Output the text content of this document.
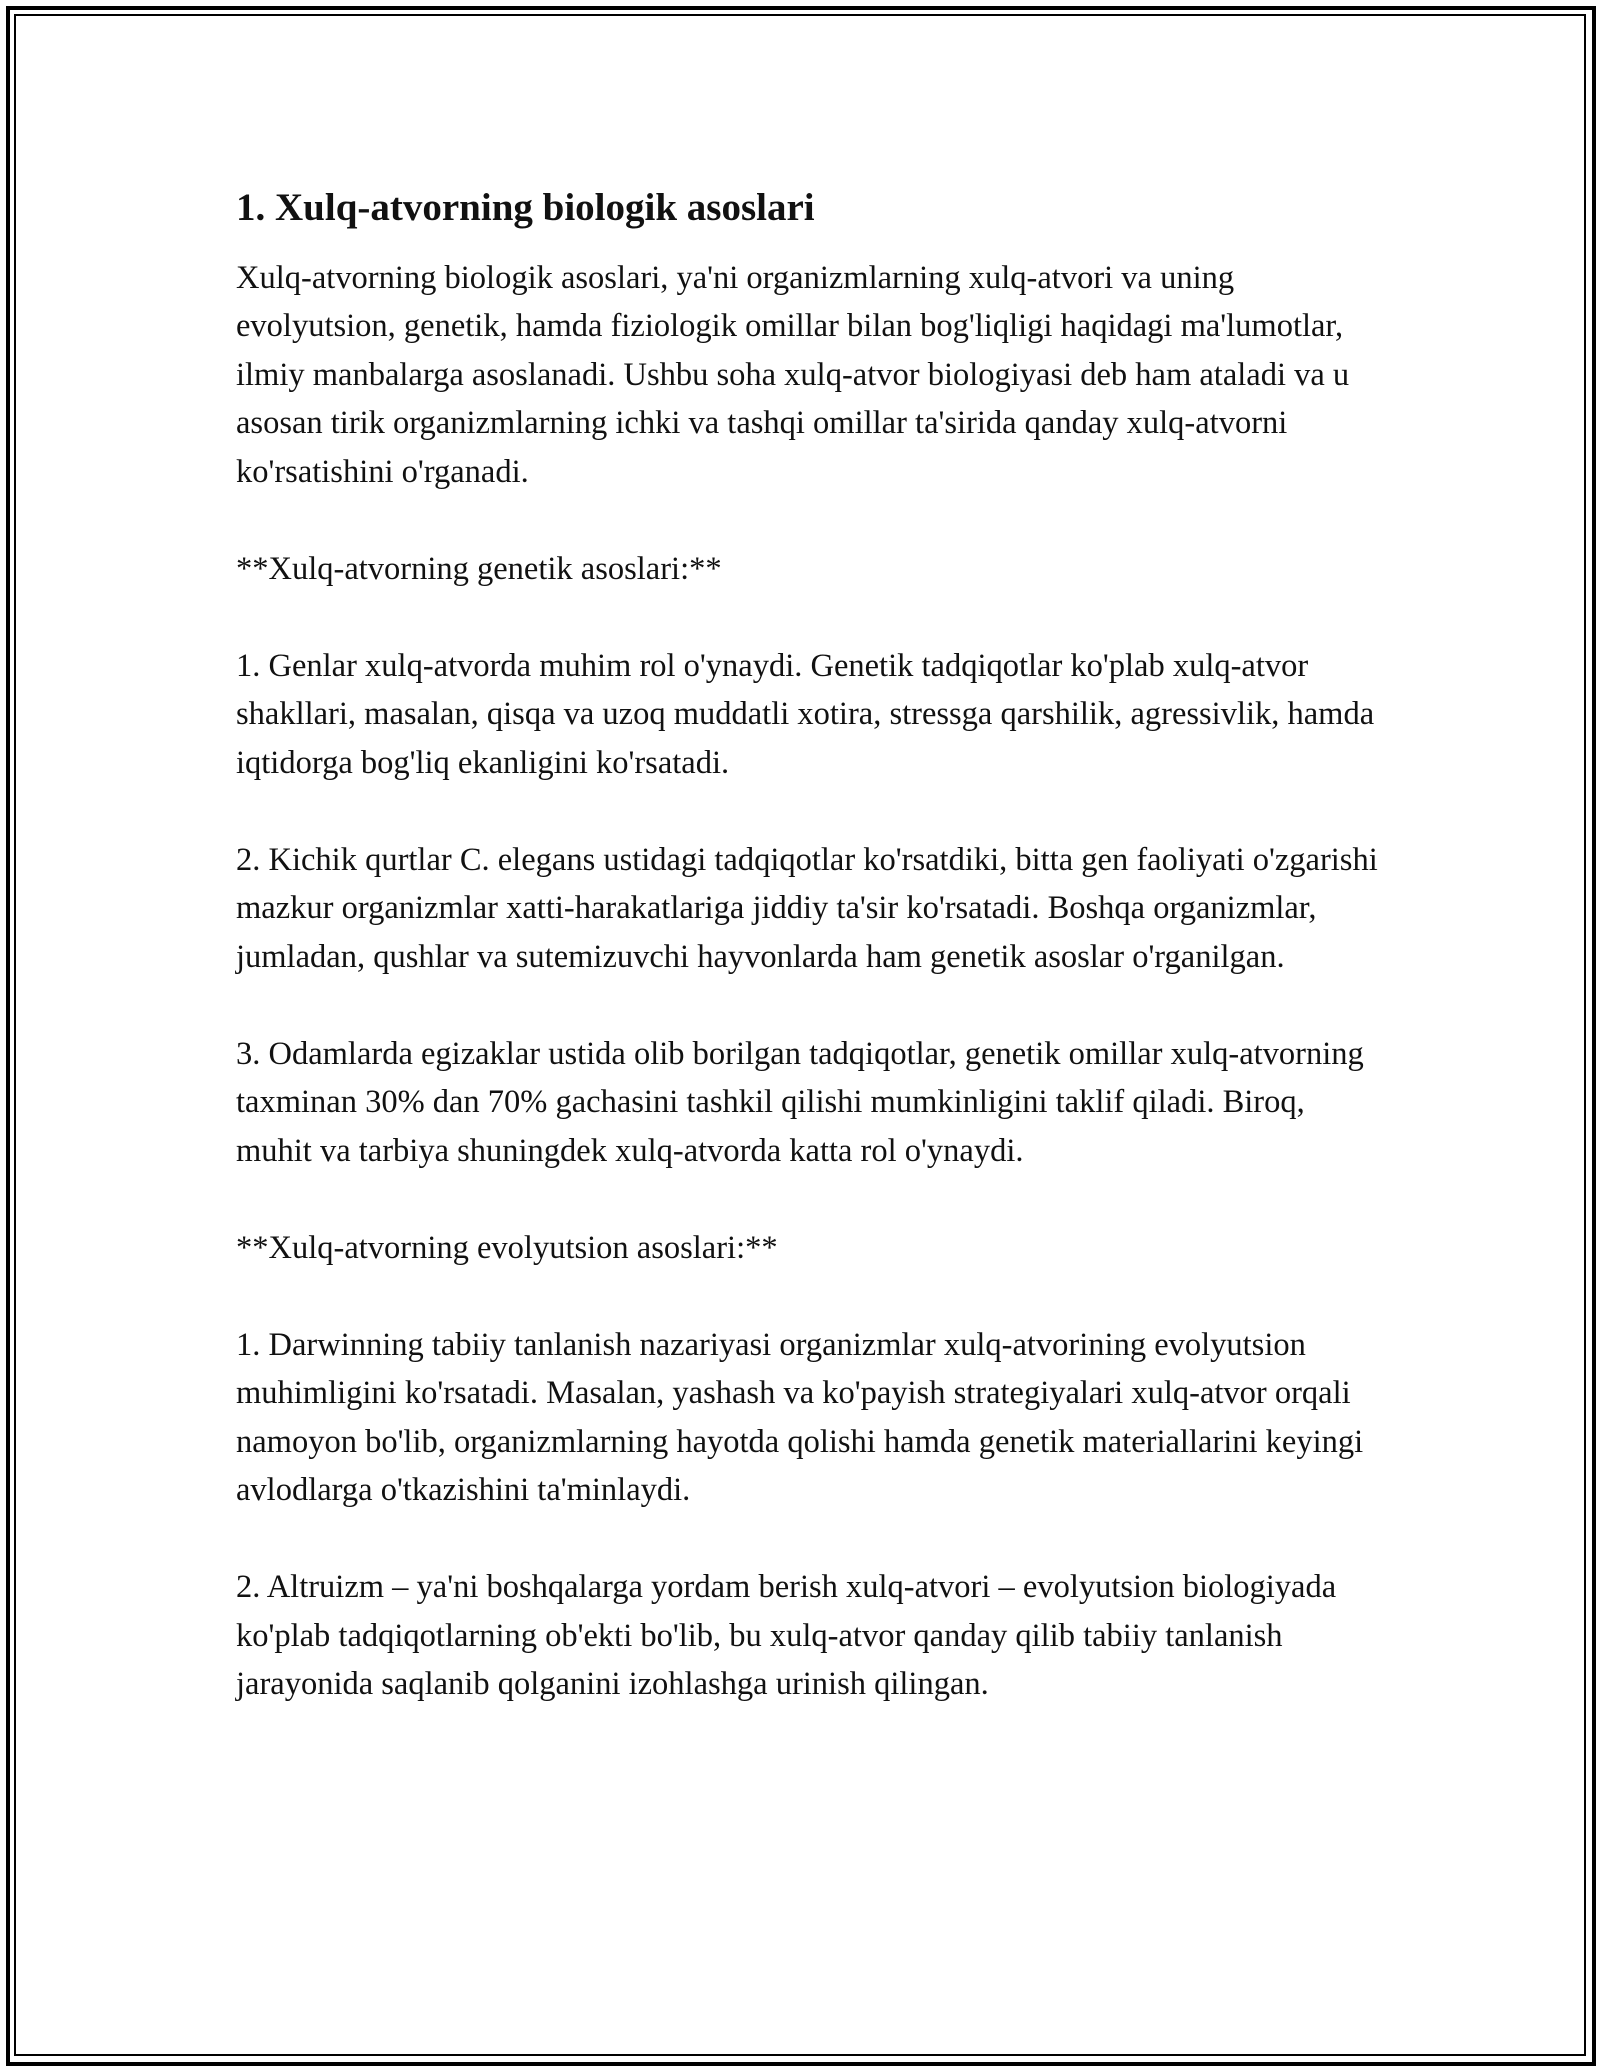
1. Xulq-atvorning biologik asoslari

Xulq-atvorning biologik asoslari, ya'ni organizmlarning xulq-atvori va uning evolyutsion, genetik, hamda fiziologik omillar bilan bog'liqligi haqidagi ma'lumotlar, ilmiy manbalarga asoslanadi. Ushbu soha xulq-atvor biologiyasi deb ham ataladi va u asosan tirik organizmlarning ichki va tashqi omillar ta'sirida qanday xulq-atvorni ko'rsatishini o'rganadi.

**Xulq-atvorning genetik asoslari:**

1. Genlar xulq-atvorda muhim rol o'ynaydi. Genetik tadqiqotlar ko'plab xulq-atvor shakllari, masalan, qisqa va uzoq muddatli xotira, stressga qarshilik, agressivlik, hamda iqtidorga bog'liq ekanligini ko'rsatadi.

2. Kichik qurtlar C. elegans ustidagi tadqiqotlar ko'rsatdiki, bitta gen faoliyati o'zgarishi mazkur organizmlar xatti-harakatlariga jiddiy ta'sir ko'rsatadi. Boshqa organizmlar, jumladan, qushlar va sutemizuvchi hayvonlarda ham genetik asoslar o'rganilgan.

3. Odamlarda egizaklar ustida olib borilgan tadqiqotlar, genetik omillar xulq-atvorning taxminan 30% dan 70% gachasini tashkil qilishi mumkinligini taklif qiladi. Biroq, muhit va tarbiya shuningdek xulq-atvorda katta rol o'ynaydi.

**Xulq-atvorning evolyutsion asoslari:**

1. Darwinning tabiiy tanlanish nazariyasi organizmlar xulq-atvorining evolyutsion muhimligini ko'rsatadi. Masalan, yashash va ko'payish strategiyalari xulq-atvor orqali namoyon bo'lib, organizmlarning hayotda qolishi hamda genetik materiallarini keyingi avlodlarga o'tkazishini ta'minlaydi.

2. Altruizm – ya'ni boshqalarga yordam berish xulq-atvori – evolyutsion biologiyada ko'plab tadqiqotlarning ob'ekti bo'lib, bu xulq-atvor qanday qilib tabiiy tanlanish jarayonida saqlanib qolganini izohlashga urinish qilingan.
